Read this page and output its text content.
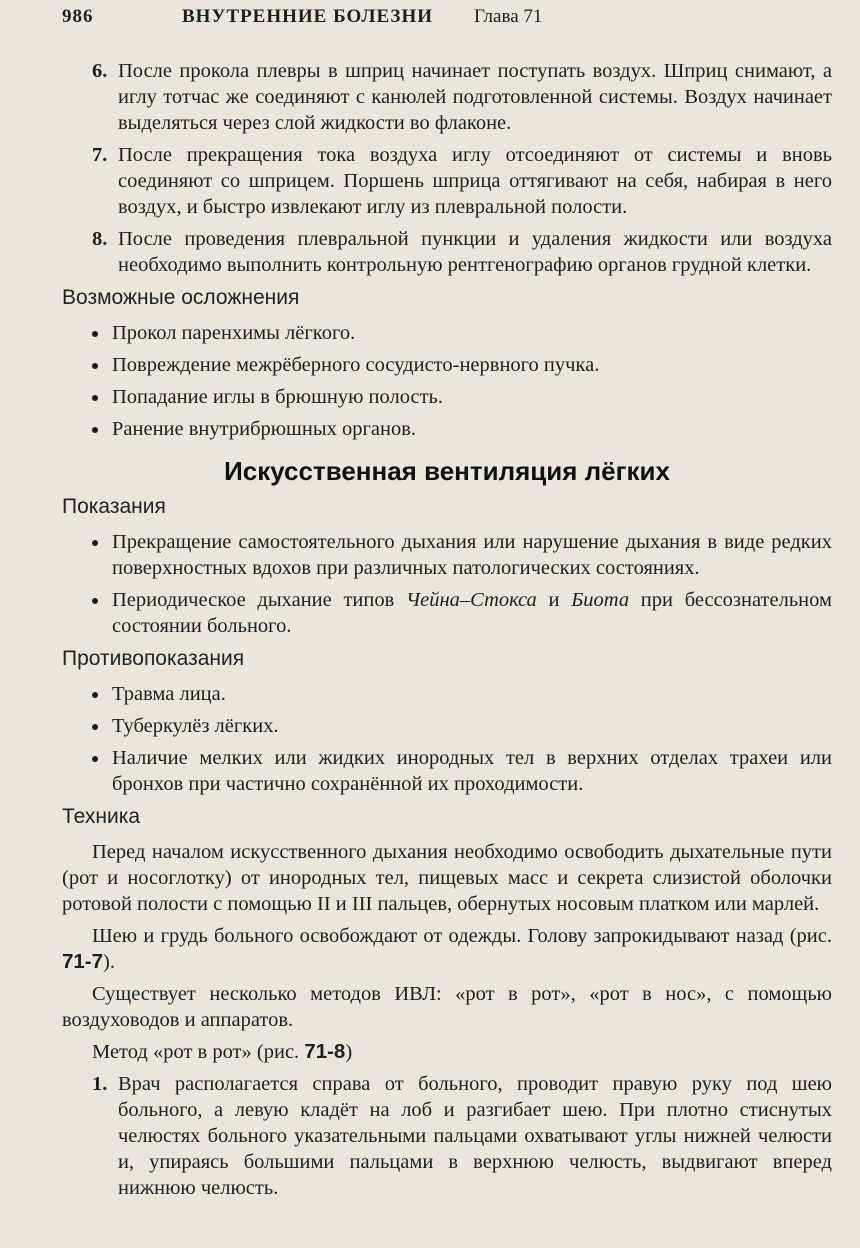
986	ВНУТРЕННИЕ БОЛЕЗНИ Глава 71
6. После прокола плевры в шприц начинает поступать воздух. Шприц снимают, а иглу тотчас же соединяют с канюлей подготовленной системы. Воздух начинает выделяться через слой жидкости во флаконе.
7. После прекращения тока воздуха иглу отсоединяют от системы и вновь соединяют со шприцем. Поршень шприца оттягивают на себя, набирая в него воздух, и быстро извлекают иглу из плевральной полости.
8. После проведения плевральной пункции и удаления жидкости или воздуха необходимо выполнить контрольную рентгенографию органов грудной клетки.
Возможные осложнения
Прокол паренхимы лёгкого.
Повреждение межрёберного сосудисто-нервного пучка.
Попадание иглы в брюшную полость.
Ранение внутрибрюшных органов.
Искусственная вентиляция лёгких
Показания
Прекращение самостоятельного дыхания или нарушение дыхания в виде редких поверхностных вдохов при различных патологических состояниях.
Периодическое дыхание типов Чейна–Стокса и Биота при бессознательном состоянии больного.
Противопоказания
Травма лица.
Туберкулёз лёгких.
Наличие мелких или жидких инородных тел в верхних отделах трахеи или бронхов при частично сохранённой их проходимости.
Техника
Перед началом искусственного дыхания необходимо освободить дыхательные пути (рот и носоглотку) от инородных тел, пищевых масс и секрета слизистой оболочки ротовой полости с помощью II и III пальцев, обернутых носовым платком или марлей.
Шею и грудь больного освобождают от одежды. Голову запрокидывают назад (рис. 71-7).
Существует несколько методов ИВЛ: «рот в рот», «рот в нос», с помощью воздуховодов и аппаратов.
Метод «рот в рот» (рис. 71-8)
1. Врач располагается справа от больного, проводит правую руку под шею больного, а левую кладёт на лоб и разгибает шею. При плотно стиснутых челюстях больного указательными пальцами охватывают углы нижней челюсти и, упираясь большими пальцами в верхнюю челюсть, выдвигают вперед нижнюю челюсть.
